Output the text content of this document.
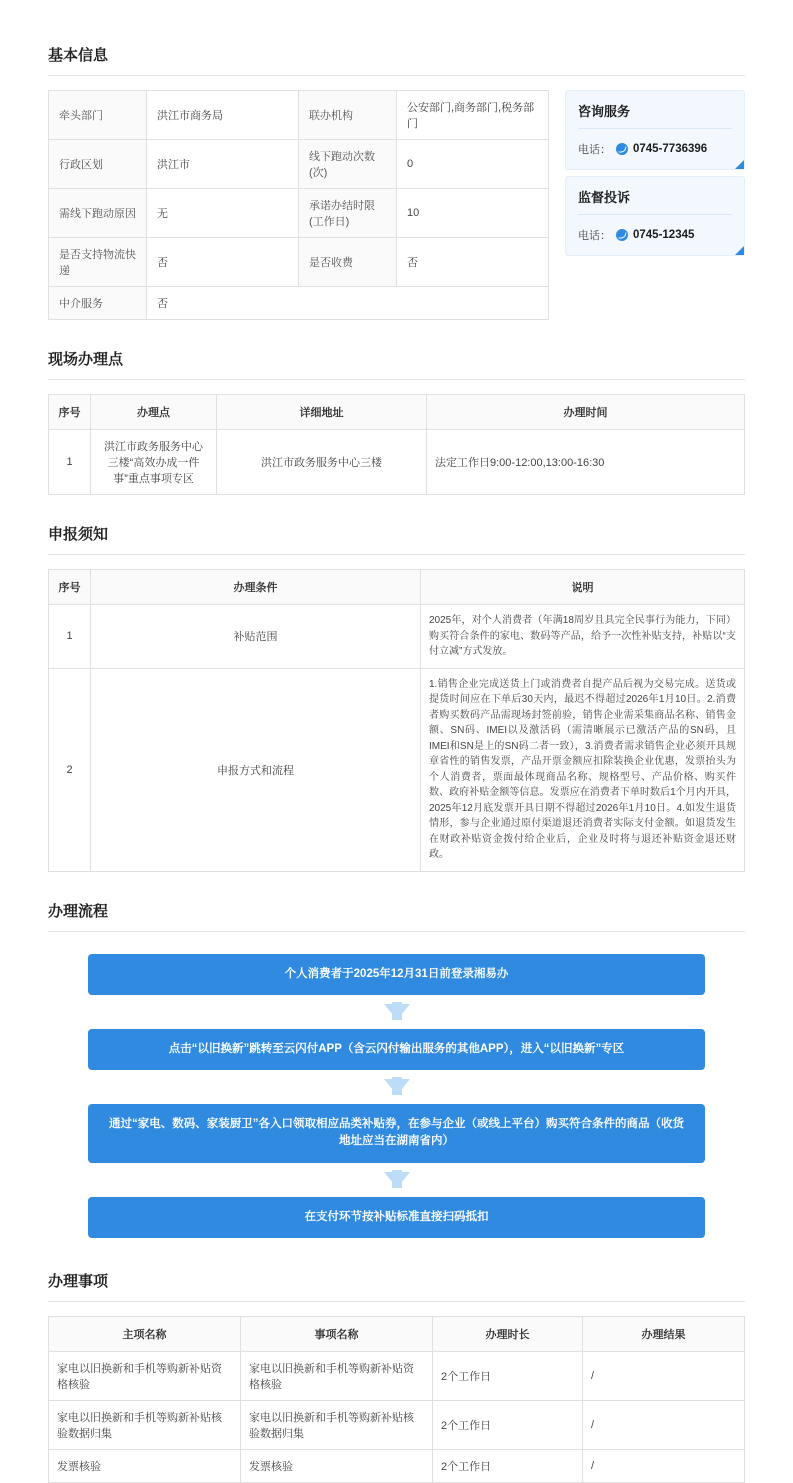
基本信息
牵头部门	洪江市商务局	联办机构	公安部门,商务部门,税务部门
行政区划	洪江市	线下跑动次数(次)	0
需线下跑动原因	无	承诺办结时限(工作日)	10
是否支持物流快递	否	是否收费	否
中介服务	否		
咨询服务
电话： 0745-7736396
监督投诉
电话： 0745-12345
现场办理点
序号	办理点	详细地址	办理时间
1	洪江市政务服务中心三楼“高效办成一件事”重点事项专区	洪江市政务服务中心三楼	法定工作日9:00-12:00,13:00-16:30
申报须知
序号	办理条件	说明
1	补贴范围	2025年，对个人消费者（年满18周岁且具完全民事行为能力，下同）购买符合条件的家电、数码等产品，给予一次性补贴支持，补贴以“支付立减”方式发放。
2	申报方式和流程	1.销售企业完成送货上门或消费者自提产品后视为交易完成。送货或提货时间应在下单后30天内，最迟不得超过2026年1月10日。2.消费者购买数码产品需现场封签前验，销售企业需采集商品名称、销售金额、SN码、IMEI以及激活码（需清晰展示已激活产品的SN码，且IMEI和SN是上的SN码二者一致），3.消费者需求销售企业必须开具规章省性的销售发票，产品开票金额应扣除装换企业优惠，发票抬头为个人消费者，票面最体现商品名称、规格型号、产品价格、购买件数、政府补贴金额等信息。发票应在消费者下单时数后1个月内开具，2025年12月底发票开具日期不得超过2026年1月10日。4.如发生退货情形，参与企业通过原付渠道退还消费者实际支付金额。如退货发生在财政补贴资金拨付给企业后，企业及时将与退还补贴资金退还财政。
办理流程
个人消费者于2025年12月31日前登录湘易办
点击“以旧换新”跳转至云闪付APP（含云闪付输出服务的其他APP），进入“以旧换新”专区
通过“家电、数码、家装厨卫”各入口领取相应品类补贴券，在参与企业（或线上平台）购买符合条件的商品（收货地址应当在湖南省内）
在支付环节按补贴标准直接扫码抵扣
办理事项
主项名称	事项名称	办理时长	办理结果
家电以旧换新和手机等购新补贴资格核验	家电以旧换新和手机等购新补贴资格核验	2个工作日	/
家电以旧换新和手机等购新补贴核验数据归集	家电以旧换新和手机等购新补贴核验数据归集	2个工作日	/
发票核验	发票核验	2个工作日	/
